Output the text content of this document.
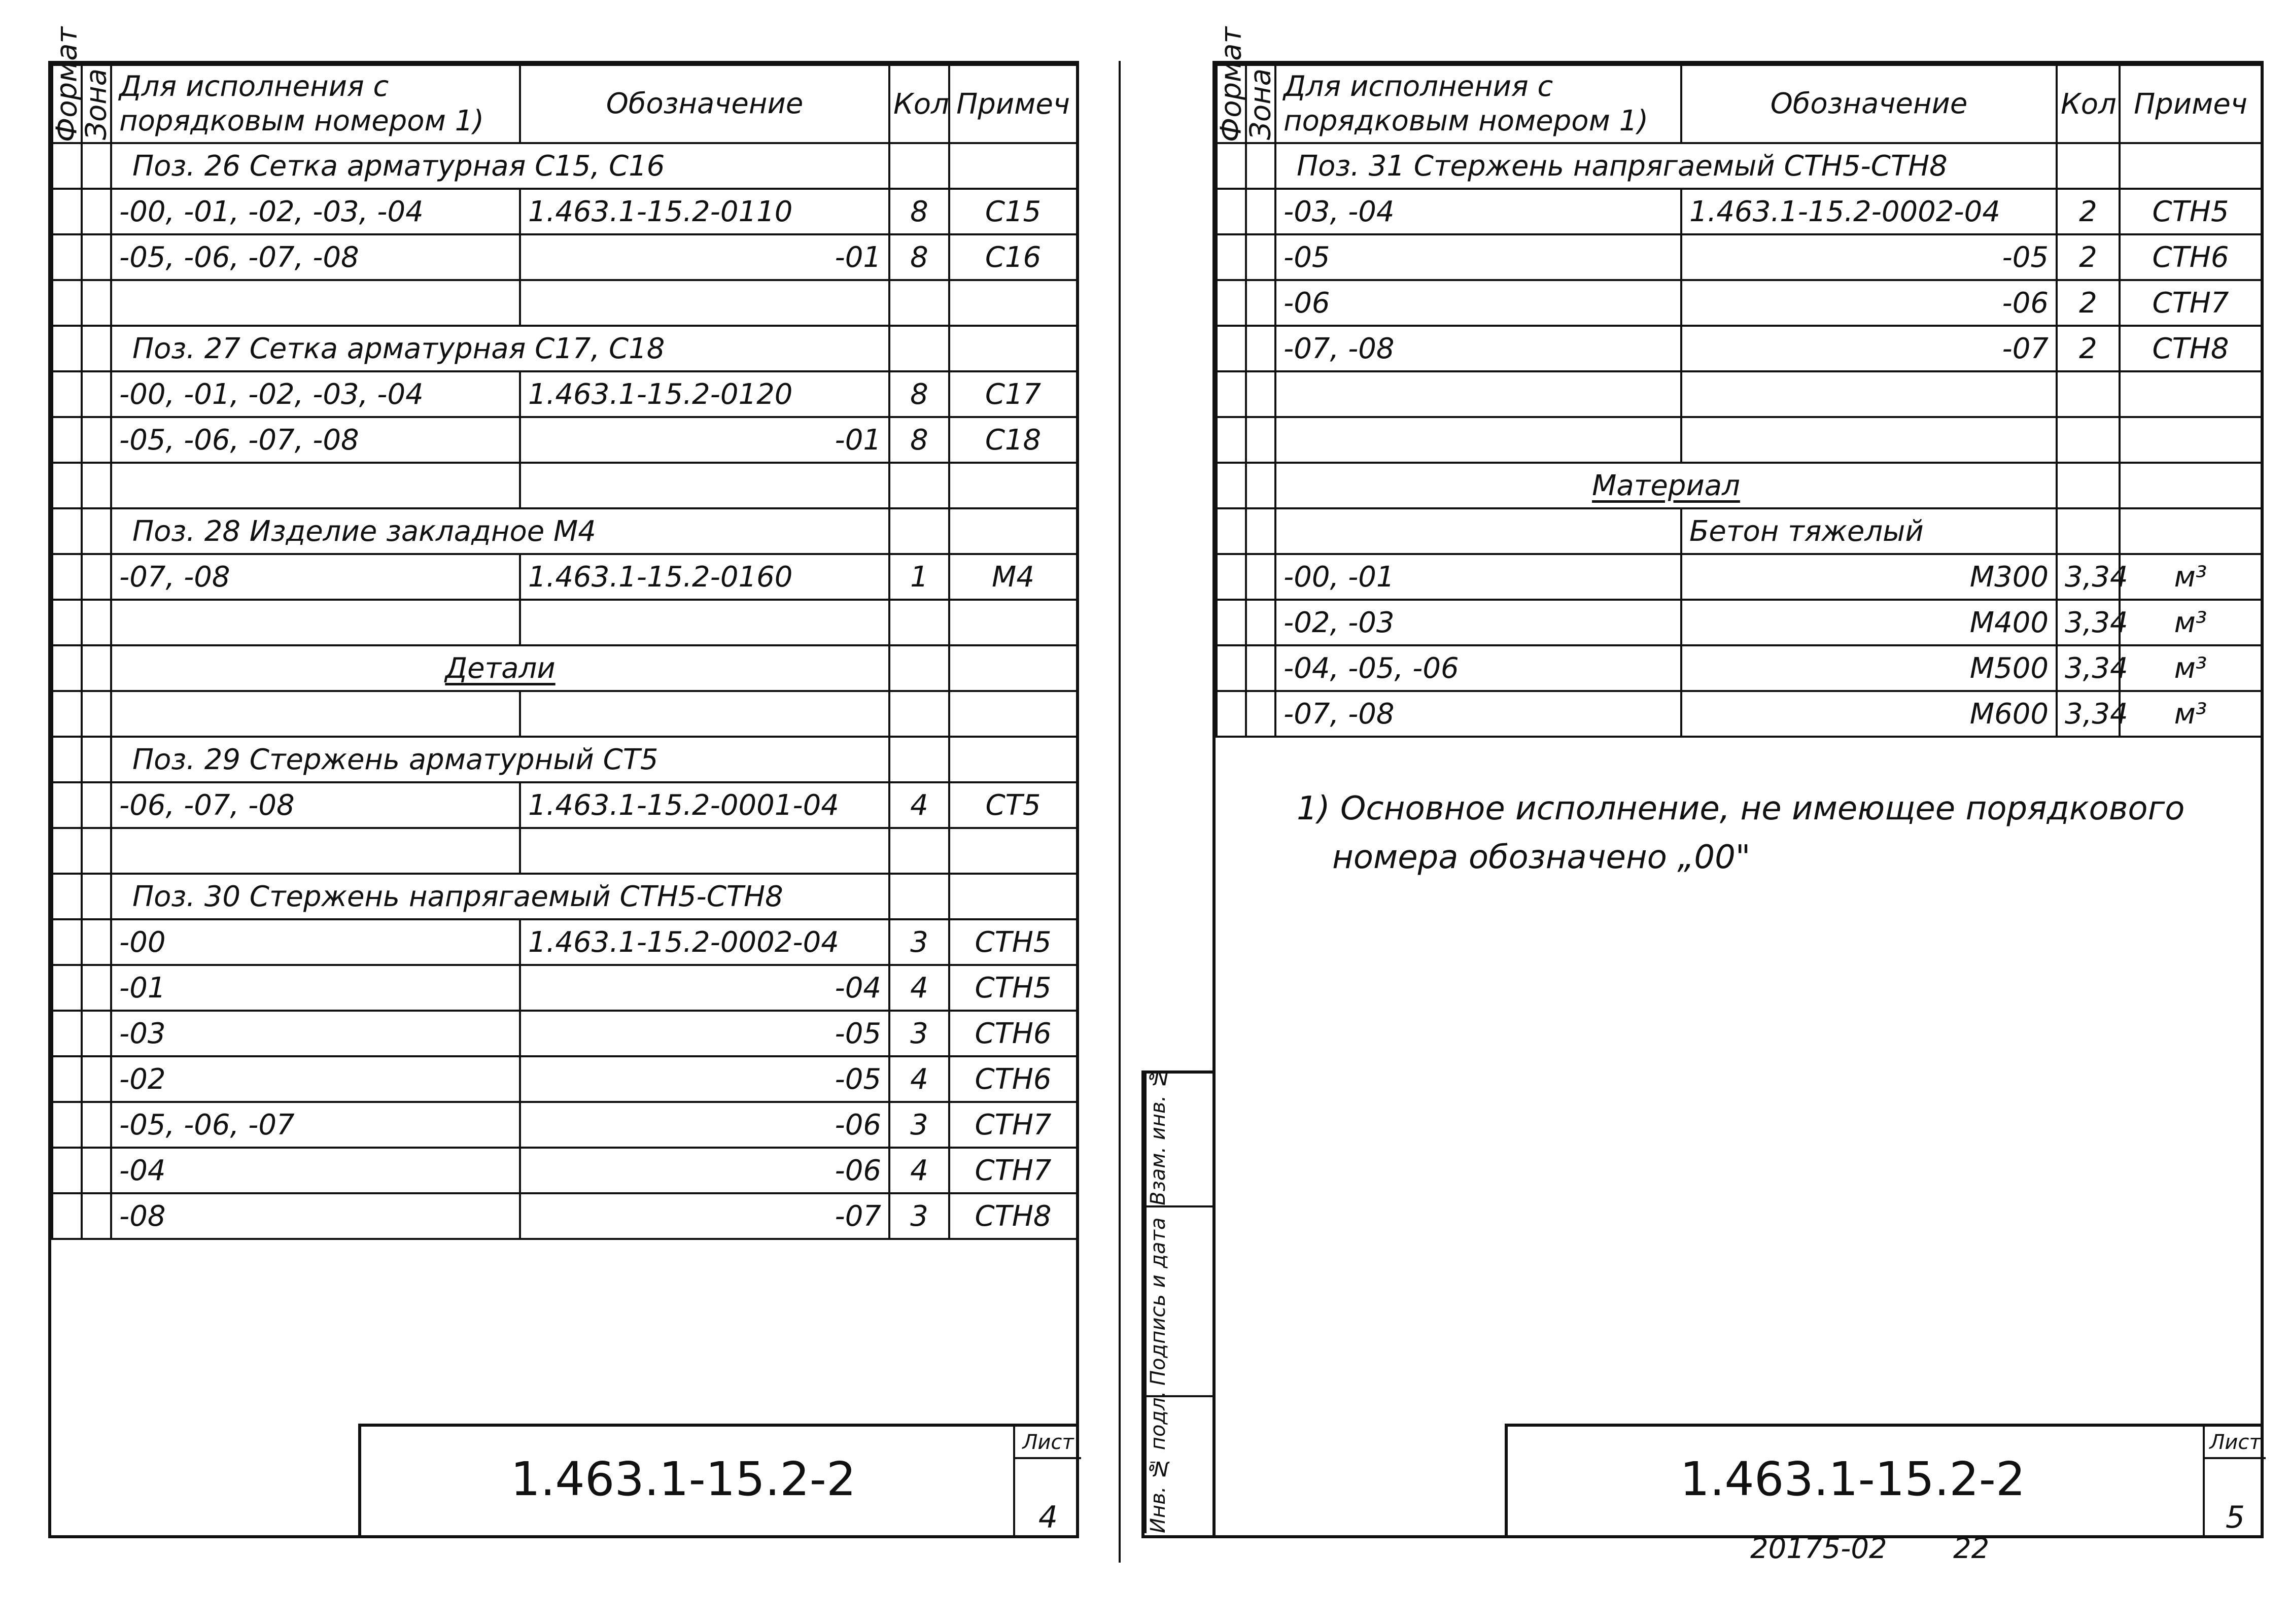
Формат	Зона	Для исполнения с порядковым номером 1)	Обозначение	Кол	Примеч
		Поз. 26 Сетка арматурная С15, С16			
		-00, -01, -02, -03, -04	1.463.1-15.2-0110	8	С15
		-05, -06, -07, -08	-01	8	С16

		Поз. 27 Сетка арматурная С17, С18			
		-00, -01, -02, -03, -04	1.463.1-15.2-0120	8	С17
		-05, -06, -07, -08	-01	8	С18

		Поз. 28 Изделие закладное М4			
		-07, -08	1.463.1-15.2-0160	1	М4

		Детали			

		Поз. 29 Стержень арматурный СТ5			
		-06, -07, -08	1.463.1-15.2-0001-04	4	СТ5

		Поз. 30 Стержень напрягаемый СТН5-СТН8			
		-00	1.463.1-15.2-0002-04	3	СТН5
		-01	-04	4	СТН5
		-03	-05	3	СТН6
		-02	-05	4	СТН6
		-05, -06, -07	-06	3	СТН7
		-04	-06	4	СТН7
		-08	-07	3	СТН8
1.463.1-15.2-2
Лист
4
Формат	Зона	Для исполнения с порядковым номером 1)	Обозначение	Кол	Примеч
		Поз. 31 Стержень напрягаемый СТН5-СТН8			
		-03, -04	1.463.1-15.2-0002-04	2	СТН5
		-05	-05	2	СТН6
		-06	-06	2	СТН7
		-07, -08	-07	2	СТН8

		Материал			
			Бетон тяжелый		
		-00, -01	М300	3,34	м³
		-02, -03	М400	3,34	м³
		-04, -05, -06	М500	3,34	м³
		-07, -08	М600	3,34	м³
1) Основное исполнение, не имеющее порядкового
номера обозначено „00"
1.463.1-15.2-2
Лист
5
Взам. инв. №
Подпись и дата
Инв. № подл.
20175-02 22
